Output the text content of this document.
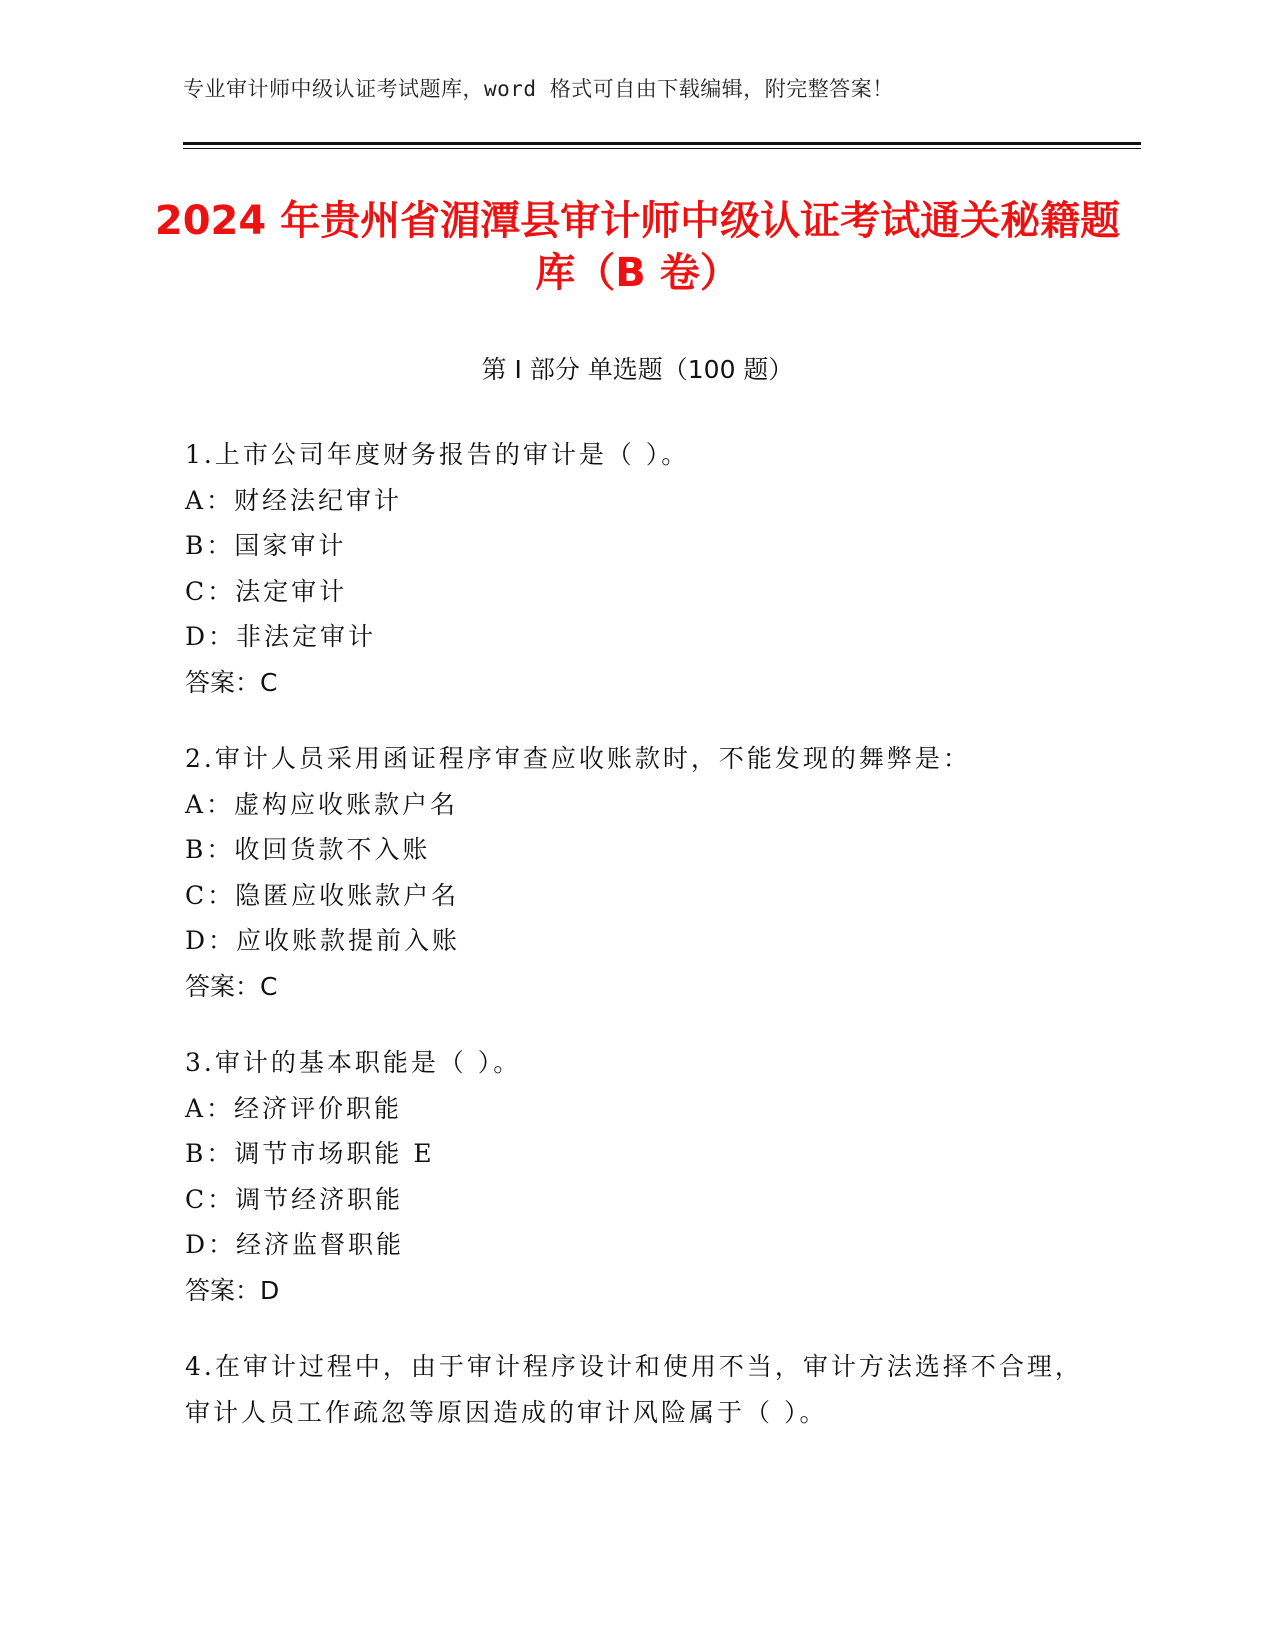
专业审计师中级认证考试题库，word 格式可自由下载编辑，附完整答案！
2024 年贵州省湄潭县审计师中级认证考试通关秘籍题库（B 卷）
第 I 部分 单选题（100 题）
1.上市公司年度财务报告的审计是（ ）。
A：财经法纪审计
B：国家审计
C：法定审计
D：非法定审计
答案：C
2.审计人员采用函证程序审查应收账款时，不能发现的舞弊是：
A：虚构应收账款户名
B：收回货款不入账
C：隐匿应收账款户名
D：应收账款提前入账
答案：C
3.审计的基本职能是（ ）。
A：经济评价职能
B：调节市场职能 E
C：调节经济职能
D：经济监督职能
答案：D
4.在审计过程中，由于审计程序设计和使用不当，审计方法选择不合理，审计人员工作疏忽等原因造成的审计风险属于（ ）。
